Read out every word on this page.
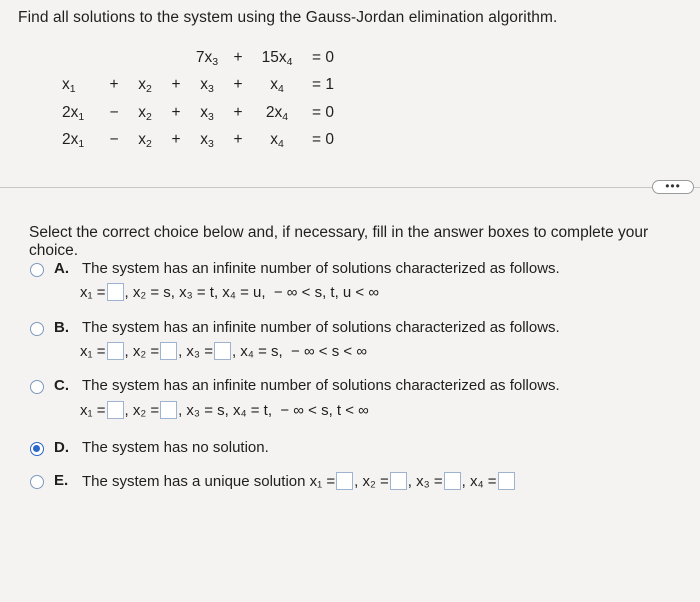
Find all solutions to the system using the Gauss-Jordan elimination algorithm.
				$7x_3$	+	$15x_4$	= 0
$x_1$	+	$x_2$	+	$x_3$	+	$x_4$	= 1
$2x_1$	−	$x_2$	+	$x_3$	+	$2x_4$	= 0
$2x_1$	−	$x_2$	+	$x_3$	+	$x_4$	= 0
•••
Select the correct choice below and, if necessary, fill in the answer boxes to complete your choice.
A. The system has an infinite number of solutions characterized as follows.
x₁ = , x₂ = s, x₃ = t, x₄ = u,  − ∞ < s, t, u < ∞
B. The system has an infinite number of solutions characterized as follows.
x₁ = , x₂ = , x₃ = , x₄ = s,  − ∞ < s < ∞
C. The system has an infinite number of solutions characterized as follows.
x₁ = , x₂ = , x₃ = s, x₄ = t,  − ∞ < s, t < ∞
D. The system has no solution.
E. The system has a unique solution
x₁ = , x₂ = , x₃ = , x₄ =
